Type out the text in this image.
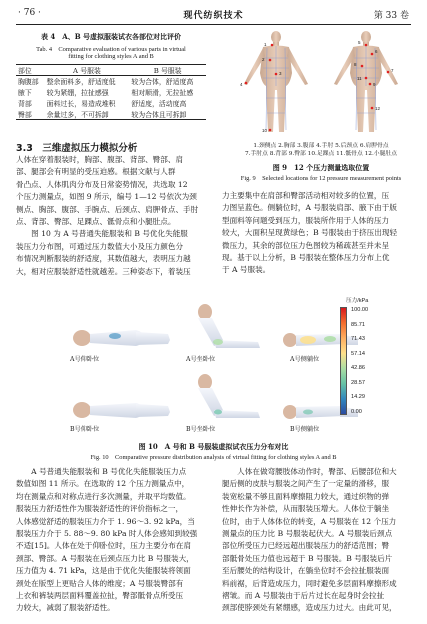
· 76 ·	现代纺织技术	第 33 卷
表 4　A、B 号虚拟服装试衣各部位对比评价
Tab. 4　Comparative evaluation of various parts in virtual
fitting for clothing styles A and B
部位	A 号服装	B 号服装
胸腹部	整余面料多，舒适度低	较为合体，舒适度高
腋下	较为紧绷，拉扯感强	相对顺滑，无拉扯感
背部	面料过长，易造成堆积	舒适度，活动度高
臀部	余量过多，不可拆卸	较为合体且可拆卸
1
2
3
4
10
5
6
7
8
9
11
12
1.颈侧点 2.胸部 3.腹部 4.手肘 5.后颈点 6.肩胛骨点
7.手肘点 8.背部 9.臀部 10.足踝点 11.骶骨点 12.小腿肚点
图 9　12 个压力测量选取位置
Fig. 9　Selected locations for 12 pressure measurement points
3.3　三维虚拟压力模拟分析
人体在穿着服装时，胸部、腹部、背部、臀部、肩
部、腿部会有明显的受压迫感。根据文献与人群
骨凸点、人体肌肉分布及日常姿势情况，共选取 12
个压力测量点，如图 9 所示，编号 1—12 号依次为颈
侧点、胸部、腹部、手腕点、后颈点、肩胛骨点、手肘
点、背部、臀部、足踝点、骶骨点和小腿肚点。
　　图 10 为 A 号普通失能服装和 B 号优化失能服
装压力分布图，可通过压力数值大小及压力颜色分
布情况判断服装的舒适度，其数值越大，表明压力越
大，相对应服装舒适性就越差。三种姿态下，着装压
力主要集中在肩部和臀部活动相对较多的位置，压
力图呈蓝色。侧躺位时，A 号服装肩部、腋下由于版
型面料等问题受到压力，服装所作用于人体的压力
较大，大面积呈现黄绿色；B 号服装由于挤压出现轻
微压力，其余的部位压力色图较为稀疏甚至并未呈
现。基于以上分析，B 号服装在整体压力分布上优
于 A 号服装。
A号仰卧位	A号坐卧位	A号侧躺位
B号仰卧位	B号坐卧位	B号侧躺位
压力/kPa
100.00
85.71
71.43
57.14
42.86
28.57
14.29
0.00
图 10　A 号和 B 号服装虚拟试衣压力分布对比
Fig. 10　Comparative pressure distribution analysis of virtual fitting for clothing styles A and B
　　A 号普通失能服装和 B 号优化失能服装压力点
数值如图 11 所示。在选取的 12 个压力测量点中，
均在测量点和对称点进行多次测量，并取平均数值。
服装压力舒适性作为服装舒适性的评价指标之一，
人体感觉舒适的服装压力介于 1. 96～3. 92 kPa，当
服装压力介于 5. 88～9. 80 kPa 时人体会感知到较强
不适[15]。人体在处于仰卧位时，压力主要分布在肩
颈部、臀部。A 号服装在后颈点压力比 B 号服装大，
压力值为 4. 71 kPa，这是由于优化失能服装将领面
颈处在版型上更贴合人体的维度；A 号服装臀部有
上衣和裤装两层面料覆盖拉扯，臀部骶骨点所受压
力较大，减弱了服装舒适性。
　　人体在做弯腰肢体动作时，臀部、后腰部位和大
腿后侧的皮肤与服装之间产生了一定量的滑移，服
装宽松量不够且面料摩擦阻力较大，通过织物的弹
性伸长作为补偿，从而服装压增大。人体位于躺坐
位时，由于人体体位的转变，A 号服装在 12 个压力
测量点的压力比 B 号服装起伏大。A 号服装后颈点
部位所受压力已经远超出服装压力的舒适范围；臀
部骶骨处压力值也远超于 B 号服装。B 号服装后片
至后腰处的结构设计，在躺坐位时不会拉扯服装面
料前裾，后背造成压力，同时避免多层面料摩擦形成
褶皱。而 A 号服装由于后片过长在起身时会拉扯
颈部使脖颈处有紧绷感，造成压力过大。由此可见，
